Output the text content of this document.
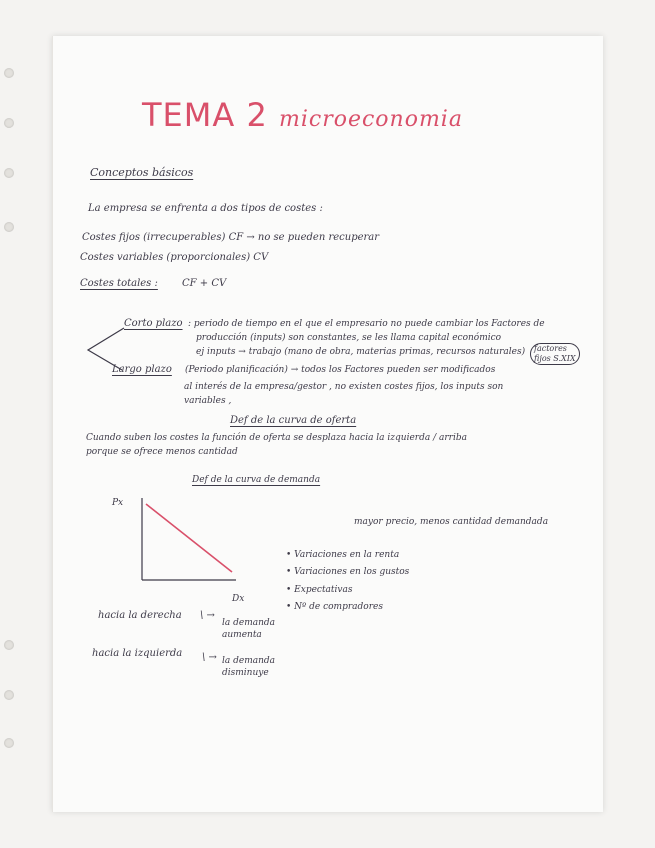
TEMA 2 microeconomia
Conceptos básicos
La empresa se enfrenta a dos tipos de costes :
Costes fijos (irrecuperables) CF → no se pueden recuperar
Costes variables (proporcionales) CV
Costes totales : CF + CV
Corto plazo : periodo de tiempo en el que el empresario no puede cambiar los Factores de
producción (inputs) son constantes, se les llama capital económico
ej inputs → trabajo (mano de obra, materias primas, recursos naturales)	factores fijos S.XIX
Largo plazo (Periodo planificación) → todos los Factores pueden ser modificados
al interés de la empresa/gestor , no existen costes fijos, los inputs son
variables ,
Def de la curva de oferta
Cuando suben los costes la función de oferta se desplaza hacia la izquierda / arriba
porque se ofrece menos cantidad
Def de la curva de demanda
Px
Dx
mayor precio, menos cantidad demandada
• Variaciones en la renta
• Variaciones en los gustos
• Expectativas
• Nº de compradores
hacia la derecha \ →
la demanda
aumenta
hacia la izquierda \ → la demanda
disminuye
